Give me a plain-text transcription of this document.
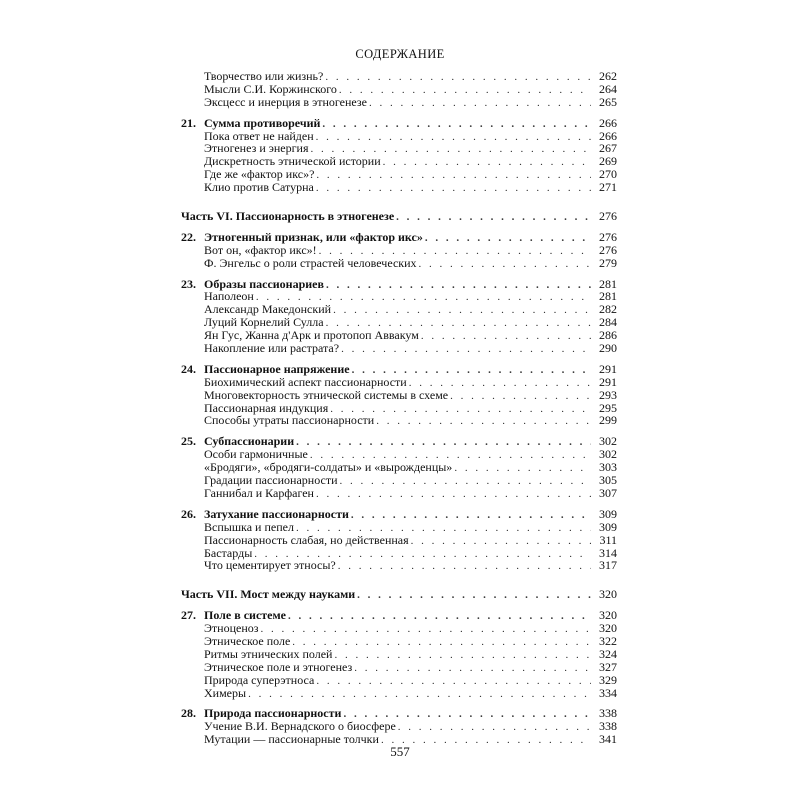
СОДЕРЖАНИЕ
Творчество или жизнь? . . .	262
Мысли С.И. Коржинского . . .	264
Эксцесс и инерция в этногенезе . . .	265
21. Сумма противоречий . . .	266
Пока ответ не найден . . .	266
Этногенез и энергия . . .	267
Дискретность этнической истории . . .	269
Где же «фактор икс»? . . .	270
Клио против Сатурна . . .	271
Часть VI. Пассионарность в этногенезе . . .	276
22. Этногенный признак, или «фактор икс» . . .	276
Вот он, «фактор икс»! . . .	276
Ф. Энгельс о роли страстей человеческих . . .	279
23. Образы пассионариев . . .	281
Наполеон . . .	281
Александр Македонский . . .	282
Луций Корнелий Сулла . . .	284
Ян Гус, Жанна д'Арк и протопоп Аввакум . . .	286
Накопление или растрата? . . .	290
24. Пассионарное напряжение . . .	291
Биохимический аспект пассионарности . . .	291
Многовекторность этнической системы в схеме . . .	293
Пассионарная индукция . . .	295
Способы утраты пассионарности . . .	299
25. Субпассионарии . . .	302
Особи гармоничные . . .	302
«Бродяги», «бродяги-солдаты» и «вырожденцы» . . .	303
Градации пассионарности . . .	305
Ганнибал и Карфаген . . .	307
26. Затухание пассионарности . . .	309
Вспышка и пепел . . .	309
Пассионарность слабая, но действенная . . .	311
Бастарды . . .	314
Что цементирует этносы? . . .	317
Часть VII. Мост между науками . . .	320
27. Поле в системе . . .	320
Этноценоз . . .	320
Этническое поле . . .	322
Ритмы этнических полей . . .	324
Этническое поле и этногенез . . .	327
Природа суперэтноса . . .	329
Химеры . . .	334
28. Природа пассионарности . . .	338
Учение В.И. Вернадского о биосфере . . .	338
Мутации — пассионарные толчки . . .	341
557
